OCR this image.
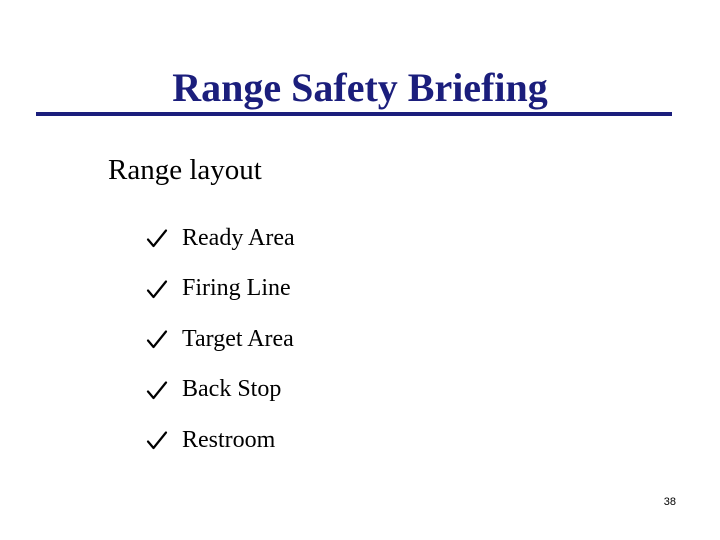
Range Safety Briefing

Range layout

Ready Area
Firing Line
Target Area
Back Stop
Restroom
38
